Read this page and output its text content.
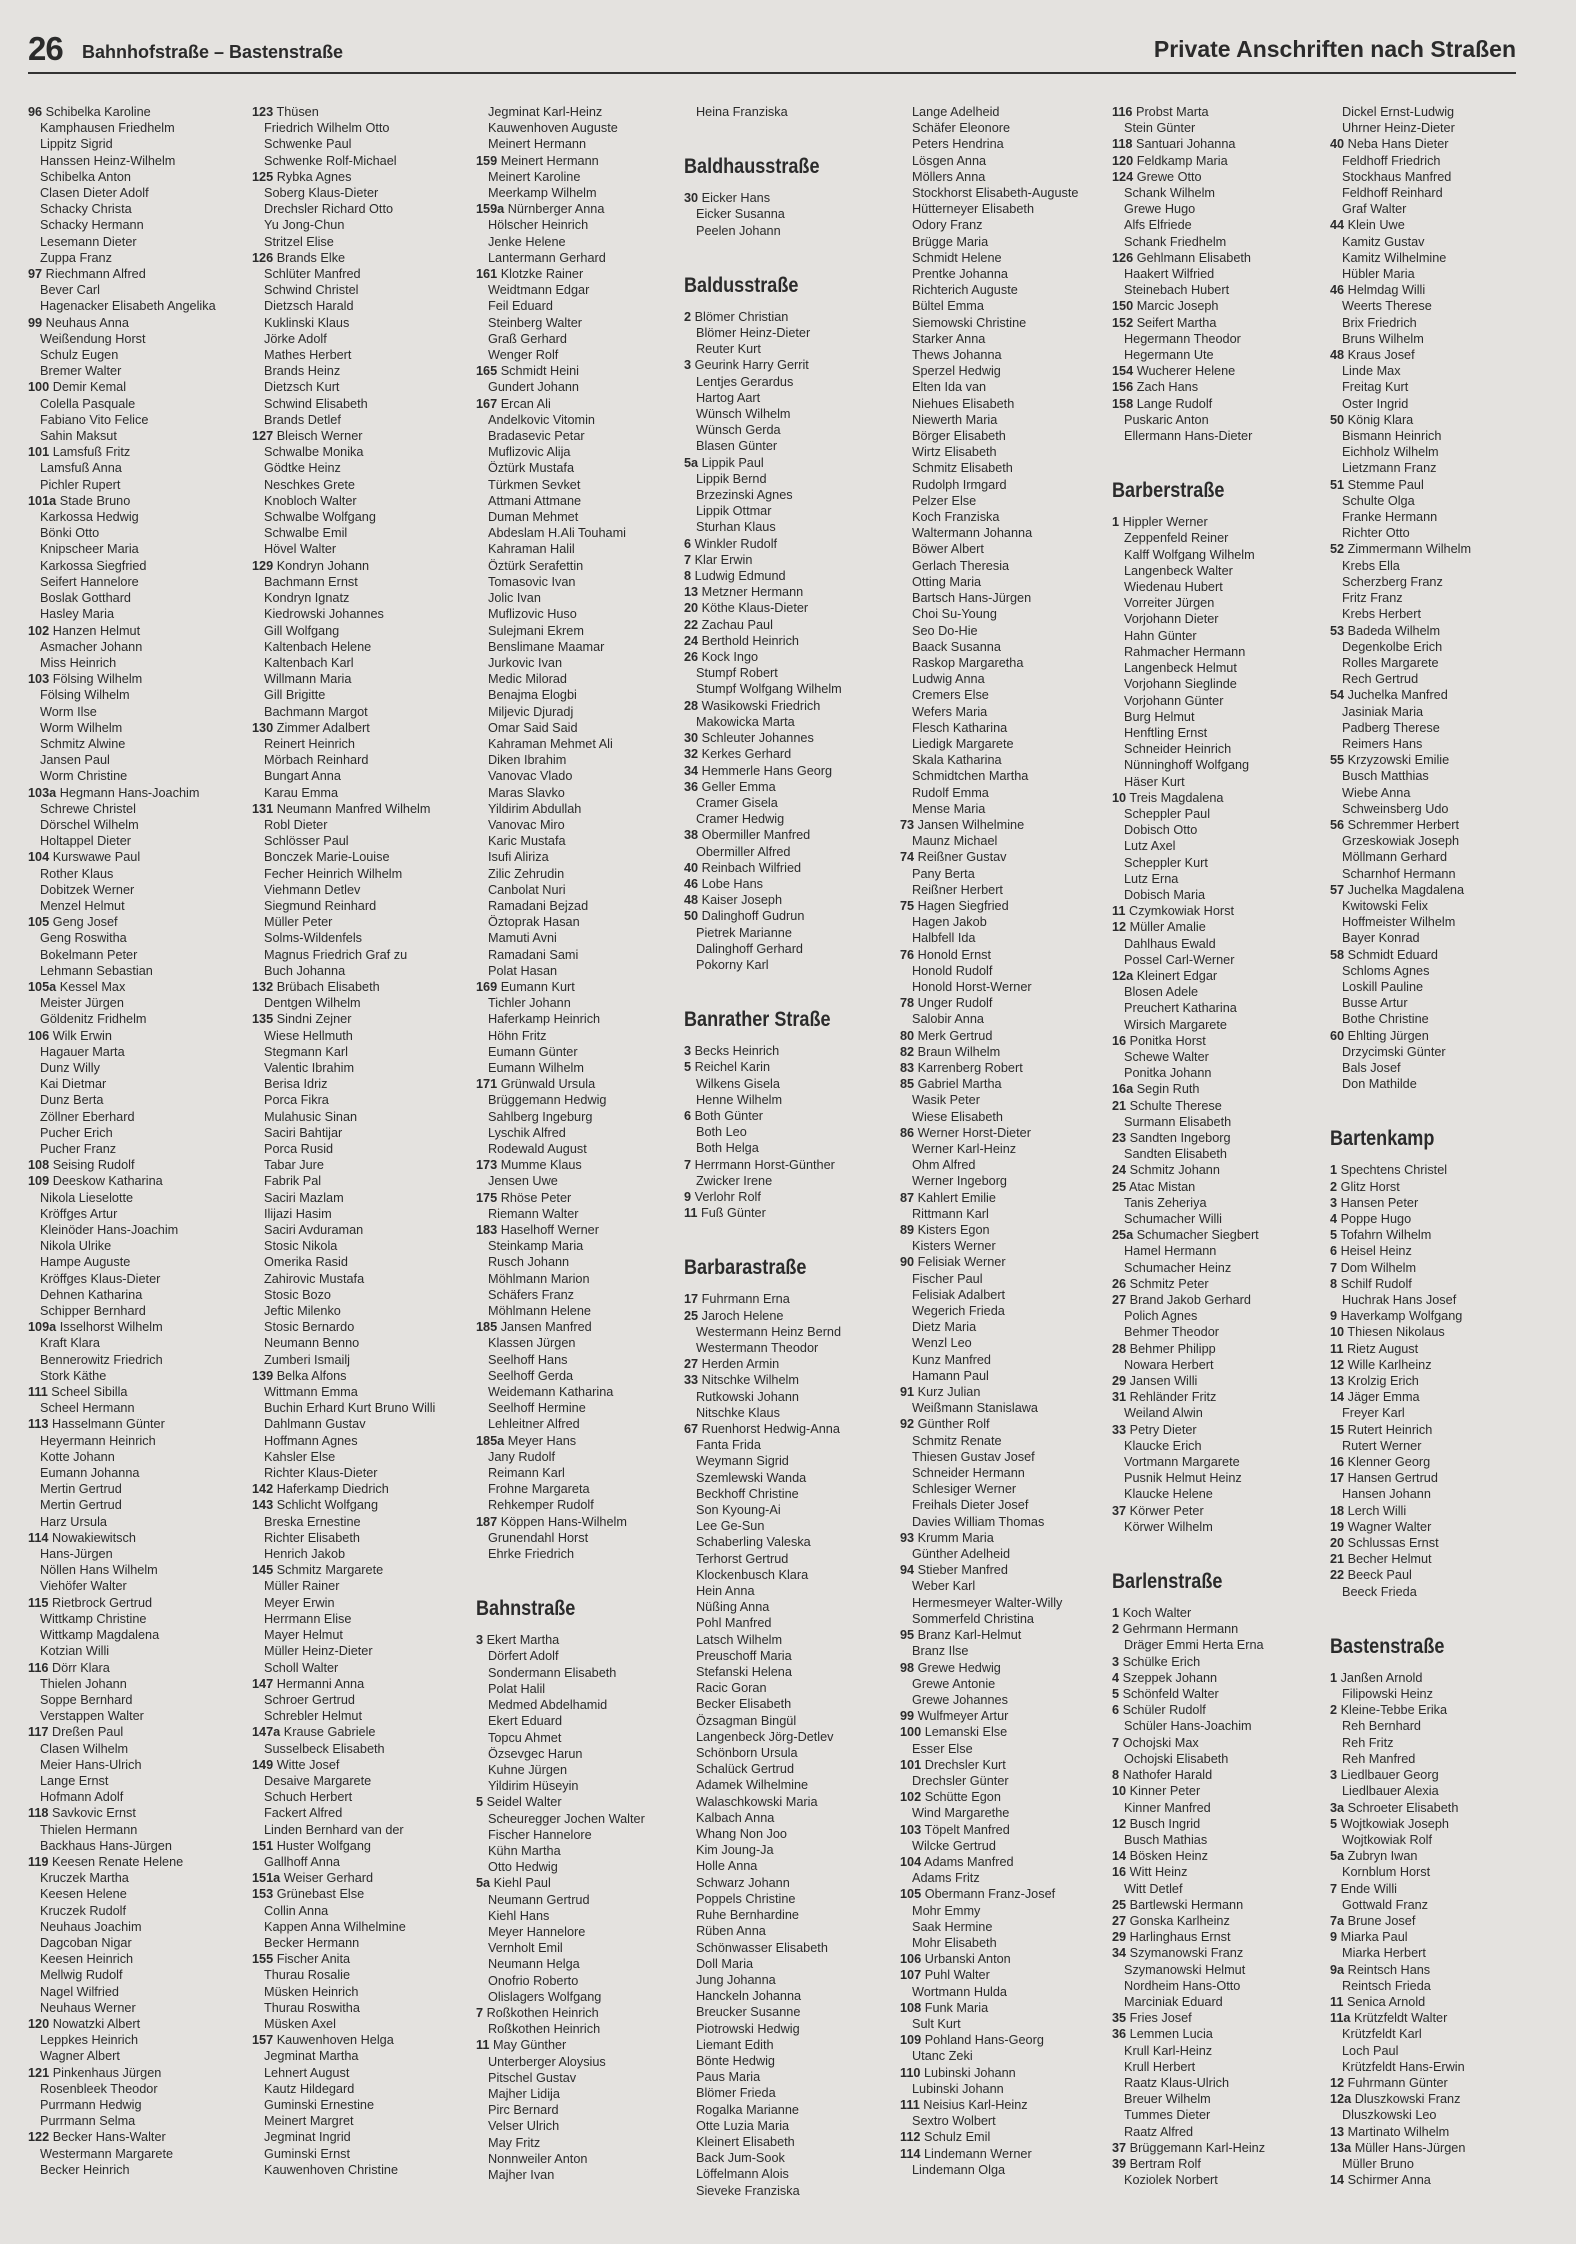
26 Bahnhofstraße – Bastenstraße	Private Anschriften nach Straßen
96 Schibelka Karoline
Kamphausen Friedhelm
Lippitz Sigrid
Hanssen Heinz-Wilhelm
Schibelka Anton
Clasen Dieter Adolf
Schacky Christa
Schacky Hermann
Lesemann Dieter
Zuppa Franz
97 Riechmann Alfred
Bever Carl
Hagenacker Elisabeth Angelika
99 Neuhaus Anna
Weißendung Horst
Schulz Eugen
Bremer Walter
100 Demir Kemal
Colella Pasquale
Fabiano Vito Felice
Sahin Maksut
101 Lamsfuß Fritz
Lamsfuß Anna
Pichler Rupert
101a Stade Bruno
Karkossa Hedwig
Bönki Otto
Knipscheer Maria
Karkossa Siegfried
Seifert Hannelore
Boslak Gotthard
Hasley Maria
102 Hanzen Helmut
Asmacher Johann
Miss Heinrich
103 Fölsing Wilhelm
Fölsing Wilhelm
Worm Ilse
Worm Wilhelm
Schmitz Alwine
Jansen Paul
Worm Christine
103a Hegmann Hans-Joachim
Schrewe Christel
Dörschel Wilhelm
Holtappel Dieter
104 Kurswawe Paul
Rother Klaus
Dobitzek Werner
Menzel Helmut
105 Geng Josef
Geng Roswitha
Bokelmann Peter
Lehmann Sebastian
105a Kessel Max
Meister Jürgen
Göldenitz Fridhelm
106 Wilk Erwin
Hagauer Marta
Dunz Willy
Kai Dietmar
Dunz Berta
Zöllner Eberhard
Pucher Erich
Pucher Franz
108 Seising Rudolf
109 Deeskow Katharina
Nikola Lieselotte
Kröffges Artur
Kleinöder Hans-Joachim
Nikola Ulrike
Hampe Auguste
Kröffges Klaus-Dieter
Dehnen Katharina
Schipper Bernhard
109a Isselhorst Wilhelm
Kraft Klara
Bennerowitz Friedrich
Stork Käthe
111 Scheel Sibilla
Scheel Hermann
113 Hasselmann Günter
Heyermann Heinrich
Kotte Johann
Eumann Johanna
Mertin Gertrud
Mertin Gertrud
Harz Ursula
114 Nowakiewitsch
Hans-Jürgen
Nöllen Hans Wilhelm
Viehöfer Walter
115 Rietbrock Gertrud
Wittkamp Christine
Wittkamp Magdalena
Kotzian Willi
116 Dörr Klara
Thielen Johann
Soppe Bernhard
Verstappen Walter
117 Dreßen Paul
Clasen Wilhelm
Meier Hans-Ulrich
Lange Ernst
Hofmann Adolf
118 Savkovic Ernst
Thielen Hermann
Backhaus Hans-Jürgen
119 Keesen Renate Helene
Kruczek Martha
Keesen Helene
Kruczek Rudolf
Neuhaus Joachim
Dagcoban Nigar
Keesen Heinrich
Mellwig Rudolf
Nagel Wilfried
Neuhaus Werner
120 Nowatzki Albert
Leppkes Heinrich
Wagner Albert
121 Pinkenhaus Jürgen
Rosenbleek Theodor
Purrmann Hedwig
Purrmann Selma
122 Becker Hans-Walter
Westermann Margarete
Becker Heinrich
123 Thüsen
Friedrich Wilhelm Otto
Schwenke Paul
Schwenke Rolf-Michael
125 Rybka Agnes
Soberg Klaus-Dieter
Drechsler Richard Otto
Yu Jong-Chun
Stritzel Elise
126 Brands Elke
Schlüter Manfred
Schwind Christel
Dietzsch Harald
Kuklinski Klaus
Jörke Adolf
Mathes Herbert
Brands Heinz
Dietzsch Kurt
Schwind Elisabeth
Brands Detlef
127 Bleisch Werner
Schwalbe Monika
Gödtke Heinz
Neschkes Grete
Knobloch Walter
Schwalbe Wolfgang
Schwalbe Emil
Hövel Walter
129 Kondryn Johann
Bachmann Ernst
Kondryn Ignatz
Kiedrowski Johannes
Gill Wolfgang
Kaltenbach Helene
Kaltenbach Karl
Willmann Maria
Gill Brigitte
Bachmann Margot
130 Zimmer Adalbert
Reinert Heinrich
Mörbach Reinhard
Bungart Anna
Karau Emma
131 Neumann Manfred Wilhelm
Robl Dieter
Schlösser Paul
Bonczek Marie-Louise
Fecher Heinrich Wilhelm
Viehmann Detlev
Siegmund Reinhard
Müller Peter
Solms-Wildenfels
Magnus Friedrich Graf zu
Buch Johanna
132 Brübach Elisabeth
Dentgen Wilhelm
135 Sindni Zejner
Wiese Hellmuth
Stegmann Karl
Valentic Ibrahim
Berisa Idriz
Porca Fikra
Mulahusic Sinan
Saciri Bahtijar
Porca Rusid
Tabar Jure
Fabrik Pal
Saciri Mazlam
Ilijazi Hasim
Saciri Avduraman
Stosic Nikola
Omerika Rasid
Zahirovic Mustafa
Stosic Bozo
Jeftic Milenko
Stosic Bernardo
Neumann Benno
Zumberi Ismailj
139 Belka Alfons
Wittmann Emma
Buchin Erhard Kurt Bruno Willi
Dahlmann Gustav
Hoffmann Agnes
Kahsler Else
Richter Klaus-Dieter
142 Haferkamp Diedrich
143 Schlicht Wolfgang
Breska Ernestine
Richter Elisabeth
Henrich Jakob
145 Schmitz Margarete
Müller Rainer
Meyer Erwin
Herrmann Elise
Mayer Helmut
Müller Heinz-Dieter
Scholl Walter
147 Hermanni Anna
Schroer Gertrud
Schrebler Helmut
147a Krause Gabriele
Susselbeck Elisabeth
149 Witte Josef
Desaive Margarete
Schuch Herbert
Fackert Alfred
Linden Bernhard van der
151 Huster Wolfgang
Gallhoff Anna
151a Weiser Gerhard
153 Grünebast Else
Collin Anna
Kappen Anna Wilhelmine
Becker Hermann
155 Fischer Anita
Thurau Rosalie
Müsken Heinrich
Thurau Roswitha
Müsken Axel
157 Kauwenhoven Helga
Jegminat Martha
Lehnert August
Kautz Hildegard
Guminski Ernestine
Meinert Margret
Jegminat Ingrid
Guminski Ernst
Kauwenhoven Christine
Jegminat Karl-Heinz
Kauwenhoven Auguste
Meinert Hermann
159 Meinert Hermann
Meinert Karoline
Meerkamp Wilhelm
159a Nürnberger Anna
Hölscher Heinrich
Jenke Helene
Lantermann Gerhard
161 Klotzke Rainer
Weidtmann Edgar
Feil Eduard
Steinberg Walter
Graß Gerhard
Wenger Rolf
165 Schmidt Heini
Gundert Johann
167 Ercan Ali
Andelkovic Vitomin
Bradasevic Petar
Muflizovic Alija
Öztürk Mustafa
Türkmen Sevket
Attmani Attmane
Duman Mehmet
Abdeslam H.Ali Touhami
Kahraman Halil
Öztürk Serafettin
Tomasovic Ivan
Jolic Ivan
Muflizovic Huso
Sulejmani Ekrem
Benslimane Maamar
Jurkovic Ivan
Medic Milorad
Benajma Elogbi
Miljevic Djuradj
Omar Said Said
Kahraman Mehmet Ali
Diken Ibrahim
Vanovac Vlado
Maras Slavko
Yildirim Abdullah
Vanovac Miro
Karic Mustafa
Isufi Aliriza
Zilic Zehrudin
Canbolat Nuri
Ramadani Bejzad
Öztoprak Hasan
Mamuti Avni
Ramadani Sami
Polat Hasan
169 Eumann Kurt
Tichler Johann
Haferkamp Heinrich
Höhn Fritz
Eumann Günter
Eumann Wilhelm
171 Grünwald Ursula
Brüggemann Hedwig
Sahlberg Ingeburg
Lyschik Alfred
Rodewald August
173 Mumme Klaus
Jensen Uwe
175 Rhöse Peter
Riemann Walter
183 Haselhoff Werner
Steinkamp Maria
Rusch Johann
Möhlmann Marion
Schäfers Franz
Möhlmann Helene
185 Jansen Manfred
Klassen Jürgen
Seelhoff Hans
Seelhoff Gerda
Weidemann Katharina
Seelhoff Hermine
Lehleitner Alfred
185a Meyer Hans
Jany Rudolf
Reimann Karl
Frohne Margareta
Rehkemper Rudolf
187 Köppen Hans-Wilhelm
Grunendahl Horst
Ehrke Friedrich
Bahnstraße
3 Ekert Martha
Dörfert Adolf
Sondermann Elisabeth
Polat Halil
Medmed Abdelhamid
Ekert Eduard
Topcu Ahmet
Özsevgec Harun
Kuhne Jürgen
Yildirim Hüseyin
5 Seidel Walter
Scheuregger Jochen Walter
Fischer Hannelore
Kühn Martha
Otto Hedwig
5a Kiehl Paul
Neumann Gertrud
Kiehl Hans
Meyer Hannelore
Vernholt Emil
Neumann Helga
Onofrio Roberto
Olislagers Wolfgang
7 Roßkothen Heinrich
Roßkothen Heinrich
11 May Günther
Unterberger Aloysius
Pitschel Gustav
Majher Lidija
Pirc Bernard
Velser Ulrich
May Fritz
Nonnweiler Anton
Majher Ivan
Heina Franziska
Baldhausstraße
30 Eicker Hans
Eicker Susanna
Peelen Johann
Baldusstraße
2 Blömer Christian
Blömer Heinz-Dieter
Reuter Kurt
3 Geurink Harry Gerrit
Lentjes Gerardus
Hartog Aart
Wünsch Wilhelm
Wünsch Gerda
Blasen Günter
5a Lippik Paul
Lippik Bernd
Brzezinski Agnes
Lippik Ottmar
Sturhan Klaus
6 Winkler Rudolf
7 Klar Erwin
8 Ludwig Edmund
13 Metzner Hermann
20 Köthe Klaus-Dieter
22 Zachau Paul
24 Berthold Heinrich
26 Kock Ingo
Stumpf Robert
Stumpf Wolfgang Wilhelm
28 Wasikowski Friedrich
Makowicka Marta
30 Schleuter Johannes
32 Kerkes Gerhard
34 Hemmerle Hans Georg
36 Geller Emma
Cramer Gisela
Cramer Hedwig
38 Obermiller Manfred
Obermiller Alfred
40 Reinbach Wilfried
46 Lobe Hans
48 Kaiser Joseph
50 Dalinghoff Gudrun
Pietrek Marianne
Dalinghoff Gerhard
Pokorny Karl
Banrather Straße
3 Becks Heinrich
5 Reichel Karin
Wilkens Gisela
Henne Wilhelm
6 Both Günter
Both Leo
Both Helga
7 Herrmann Horst-Günther
Zwicker Irene
9 Verlohr Rolf
11 Fuß Günter
Barbarastraße
17 Fuhrmann Erna
25 Jaroch Helene
Westermann Heinz Bernd
Westermann Theodor
27 Herden Armin
33 Nitschke Wilhelm
Rutkowski Johann
Nitschke Klaus
67 Ruenhorst Hedwig-Anna
Fanta Frida
Weymann Sigrid
Szemlewski Wanda
Beckhoff Christine
Son Kyoung-Ai
Lee Ge-Sun
Schaberling Valeska
Terhorst Gertrud
Klockenbusch Klara
Hein Anna
Nüßing Anna
Pohl Manfred
Latsch Wilhelm
Preuschoff Maria
Stefanski Helena
Racic Goran
Becker Elisabeth
Özsagman Bingül
Langenbeck Jörg-Detlev
Schönborn Ursula
Schalück Gertrud
Adamek Wilhelmine
Walaschkowski Maria
Kalbach Anna
Whang Non Joo
Kim Joung-Ja
Holle Anna
Schwarz Johann
Poppels Christine
Ruhe Bernhardine
Rüben Anna
Schönwasser Elisabeth
Doll Maria
Jung Johanna
Hanckeln Johanna
Breucker Susanne
Piotrowski Hedwig
Liemant Edith
Bönte Hedwig
Paus Maria
Blömer Frieda
Rogalka Marianne
Otte Luzia Maria
Kleinert Elisabeth
Back Jum-Sook
Löffelmann Alois
Sieveke Franziska
Lange Adelheid
Schäfer Eleonore
Peters Hendrina
Lösgen Anna
Möllers Anna
Stockhorst Elisabeth-Auguste
Hütterneyer Elisabeth
Odory Franz
Brügge Maria
Schmidt Helene
Prentke Johanna
Richterich Auguste
Bültel Emma
Siemowski Christine
Starker Anna
Thews Johanna
Sperzel Hedwig
Elten Ida van
Niehues Elisabeth
Niewerth Maria
Börger Elisabeth
Wirtz Elisabeth
Schmitz Elisabeth
Rudolph Irmgard
Pelzer Else
Koch Franziska
Waltermann Johanna
Böwer Albert
Gerlach Theresia
Otting Maria
Bartsch Hans-Jürgen
Choi Su-Young
Seo Do-Hie
Baack Susanna
Raskop Margaretha
Ludwig Anna
Cremers Else
Wefers Maria
Flesch Katharina
Liedigk Margarete
Skala Katharina
Schmidtchen Martha
Rudolf Emma
Mense Maria
73 Jansen Wilhelmine
Maunz Michael
74 Reißner Gustav
Pany Berta
Reißner Herbert
75 Hagen Siegfried
Hagen Jakob
Halbfell Ida
76 Honold Ernst
Honold Rudolf
Honold Horst-Werner
78 Unger Rudolf
Salobir Anna
80 Merk Gertrud
82 Braun Wilhelm
83 Karrenberg Robert
85 Gabriel Martha
Wasik Peter
Wiese Elisabeth
86 Werner Horst-Dieter
Werner Karl-Heinz
Ohm Alfred
Werner Ingeborg
87 Kahlert Emilie
Rittmann Karl
89 Kisters Egon
Kisters Werner
90 Felisiak Werner
Fischer Paul
Felisiak Adalbert
Wegerich Frieda
Dietz Maria
Wenzl Leo
Kunz Manfred
Hamann Paul
91 Kurz Julian
Weißmann Stanislawa
92 Günther Rolf
Schmitz Renate
Thiesen Gustav Josef
Schneider Hermann
Schlesiger Werner
Freihals Dieter Josef
Davies William Thomas
93 Krumm Maria
Günther Adelheid
94 Stieber Manfred
Weber Karl
Hermesmeyer Walter-Willy
Sommerfeld Christina
95 Branz Karl-Helmut
Branz Ilse
98 Grewe Hedwig
Grewe Antonie
Grewe Johannes
99 Wulfmeyer Artur
100 Lemanski Else
Esser Else
101 Drechsler Kurt
Drechsler Günter
102 Schütte Egon
Wind Margarethe
103 Töpelt Manfred
Wilcke Gertrud
104 Adams Manfred
Adams Fritz
105 Obermann Franz-Josef
Mohr Emmy
Saak Hermine
Mohr Elisabeth
106 Urbanski Anton
107 Puhl Walter
Wortmann Hulda
108 Funk Maria
Sult Kurt
109 Pohland Hans-Georg
Utanc Zeki
110 Lubinski Johann
Lubinski Johann
111 Neisius Karl-Heinz
Sextro Wolbert
112 Schulz Emil
114 Lindemann Werner
Lindemann Olga
116 Probst Marta
Stein Günter
118 Santuari Johanna
120 Feldkamp Maria
124 Grewe Otto
Schank Wilhelm
Grewe Hugo
Alfs Elfriede
Schank Friedhelm
126 Gehlmann Elisabeth
Haakert Wilfried
Steinebach Hubert
150 Marcic Joseph
152 Seifert Martha
Hegermann Theodor
Hegermann Ute
154 Wucherer Helene
156 Zach Hans
158 Lange Rudolf
Puskaric Anton
Ellermann Hans-Dieter
Barberstraße
1 Hippler Werner
Zeppenfeld Reiner
Kalff Wolfgang Wilhelm
Langenbeck Walter
Wiedenau Hubert
Vorreiter Jürgen
Vorjohann Dieter
Hahn Günter
Rahmacher Hermann
Langenbeck Helmut
Vorjohann Sieglinde
Vorjohann Günter
Burg Helmut
Henftling Ernst
Schneider Heinrich
Nünninghoff Wolfgang
Häser Kurt
10 Treis Magdalena
Scheppler Paul
Dobisch Otto
Lutz Axel
Scheppler Kurt
Lutz Erna
Dobisch Maria
11 Czymkowiak Horst
12 Müller Amalie
Dahlhaus Ewald
Possel Carl-Werner
12a Kleinert Edgar
Blosen Adele
Preuchert Katharina
Wirsich Margarete
16 Ponitka Horst
Schewe Walter
Ponitka Johann
16a Segin Ruth
21 Schulte Therese
Surmann Elisabeth
23 Sandten Ingeborg
Sandten Elisabeth
24 Schmitz Johann
25 Atac Mistan
Tanis Zeheriya
Schumacher Willi
25a Schumacher Siegbert
Hamel Hermann
Schumacher Heinz
26 Schmitz Peter
27 Brand Jakob Gerhard
Polich Agnes
Behmer Theodor
28 Behmer Philipp
Nowara Herbert
29 Jansen Willi
31 Rehländer Fritz
Weiland Alwin
33 Petry Dieter
Klaucke Erich
Vortmann Margarete
Pusnik Helmut Heinz
Klaucke Helene
37 Körwer Peter
Körwer Wilhelm
Barlenstraße
1 Koch Walter
2 Gehrmann Hermann
Dräger Emmi Herta Erna
3 Schülke Erich
4 Szeppek Johann
5 Schönfeld Walter
6 Schüler Rudolf
Schüler Hans-Joachim
7 Ochojski Max
Ochojski Elisabeth
8 Nathofer Harald
10 Kinner Peter
Kinner Manfred
12 Busch Ingrid
Busch Mathias
14 Bösken Heinz
16 Witt Heinz
Witt Detlef
25 Bartlewski Hermann
27 Gonska Karlheinz
29 Harlinghaus Ernst
34 Szymanowski Franz
Szymanowski Helmut
Nordheim Hans-Otto
Marciniak Eduard
35 Fries Josef
36 Lemmen Lucia
Krull Karl-Heinz
Krull Herbert
Raatz Klaus-Ulrich
Breuer Wilhelm
Tummes Dieter
Raatz Alfred
37 Brüggemann Karl-Heinz
39 Bertram Rolf
Koziolek Norbert
Dickel Ernst-Ludwig
Uhrner Heinz-Dieter
40 Neba Hans Dieter
Feldhoff Friedrich
Stockhaus Manfred
Feldhoff Reinhard
Graf Walter
44 Klein Uwe
Kamitz Gustav
Kamitz Wilhelmine
Hübler Maria
46 Helmdag Willi
Weerts Therese
Brix Friedrich
Bruns Wilhelm
48 Kraus Josef
Linde Max
Freitag Kurt
Oster Ingrid
50 König Klara
Bismann Heinrich
Eichholz Wilhelm
Lietzmann Franz
51 Stemme Paul
Schulte Olga
Franke Hermann
Richter Otto
52 Zimmermann Wilhelm
Krebs Ella
Scherzberg Franz
Fritz Franz
Krebs Herbert
53 Badeda Wilhelm
Degenkolbe Erich
Rolles Margarete
Rech Gertrud
54 Juchelka Manfred
Jasiniak Maria
Padberg Therese
Reimers Hans
55 Krzyzowski Emilie
Busch Matthias
Wiebe Anna
Schweinsberg Udo
56 Schremmer Herbert
Grzeskowiak Joseph
Möllmann Gerhard
Scharnhof Hermann
57 Juchelka Magdalena
Kwitowski Felix
Hoffmeister Wilhelm
Bayer Konrad
58 Schmidt Eduard
Schloms Agnes
Loskill Pauline
Busse Artur
Bothe Christine
60 Ehlting Jürgen
Drzycimski Günter
Bals Josef
Don Mathilde
Bartenkamp
1 Spechtens Christel
2 Glitz Horst
3 Hansen Peter
4 Poppe Hugo
5 Tofahrn Wilhelm
6 Heisel Heinz
7 Dom Wilhelm
8 Schilf Rudolf
Huchrak Hans Josef
9 Haverkamp Wolfgang
10 Thiesen Nikolaus
11 Rietz August
12 Wille Karlheinz
13 Krolzig Erich
14 Jäger Emma
Freyer Karl
15 Rutert Heinrich
Rutert Werner
16 Klenner Georg
17 Hansen Gertrud
Hansen Johann
18 Lerch Willi
19 Wagner Walter
20 Schlussas Ernst
21 Becher Helmut
22 Beeck Paul
Beeck Frieda
Bastenstraße
1 Janßen Arnold
Filipowski Heinz
2 Kleine-Tebbe Erika
Reh Bernhard
Reh Fritz
Reh Manfred
3 Liedlbauer Georg
Liedlbauer Alexia
3a Schroeter Elisabeth
5 Wojtkowiak Joseph
Wojtkowiak Rolf
5a Zubryn Iwan
Kornblum Horst
7 Ende Willi
Gottwald Franz
7a Brune Josef
9 Miarka Paul
Miarka Herbert
9a Reintsch Hans
Reintsch Frieda
11 Senica Arnold
11a Krützfeldt Walter
Krützfeldt Karl
Loch Paul
Krützfeldt Hans-Erwin
12 Fuhrmann Günter
12a Dluszkowski Franz
Dluszkowski Leo
13 Martinato Wilhelm
13a Müller Hans-Jürgen
Müller Bruno
14 Schirmer Anna
